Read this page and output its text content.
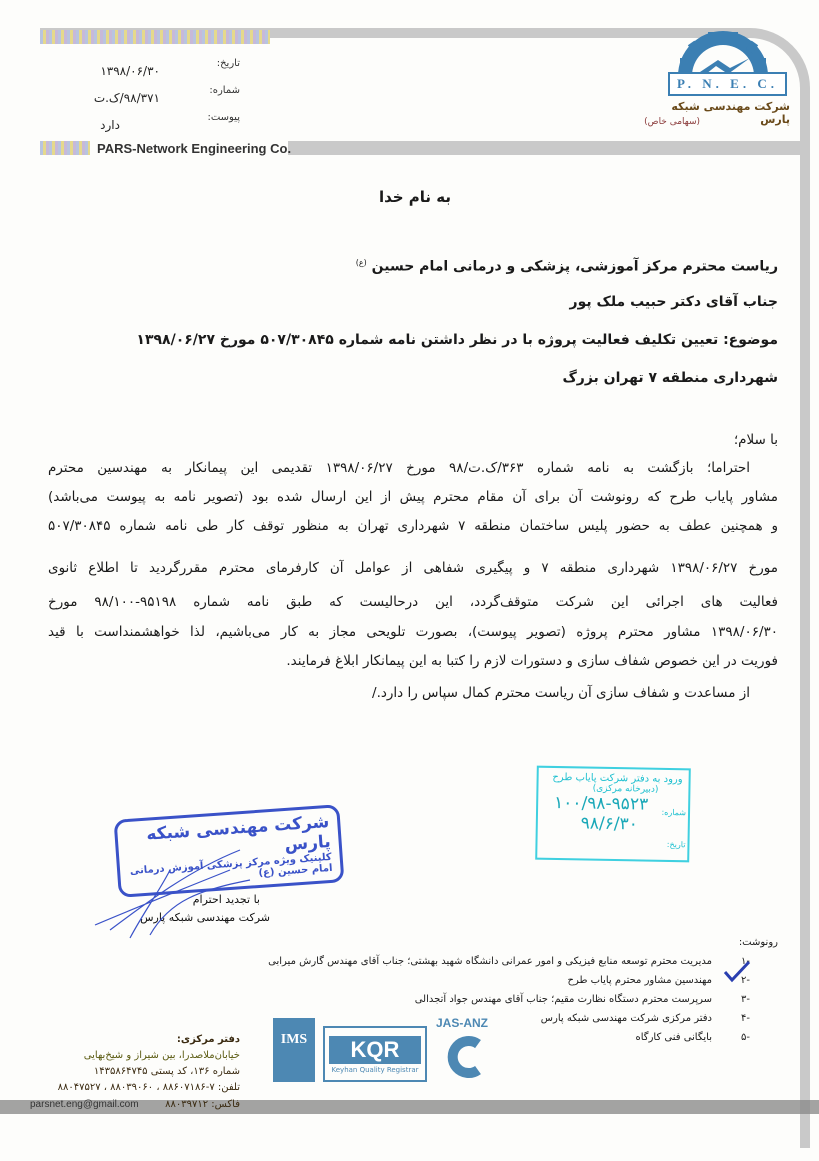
تاریخ:
۱۳۹۸/۰۶/۳۰
شماره:
۹۸/۳۷۱/ک.ت
پیوست:
دارد
PARS-Network Engineering Co.
P. N. E. C.
شرکت مهندسی شبکه پارس
(سهامی خاص)
به نام خدا
ریاست محترم مرکز آموزشی، پزشکی و درمانی امام حسین $^{(ع)}$
جناب آقای دکتر حبیب ملک پور
موضوع: تعیین تکلیف فعالیت پروژه با در نظر داشتن نامه شماره ۵۰۷/۳۰۸۴۵ مورخ ۱۳۹۸/۰۶/۲۷
شهرداری منطقه ۷ تهران بزرگ
با سلام؛
احتراما؛ بازگشت به نامه شماره ۳۶۳/ک.ت/۹۸ مورخ ۱۳۹۸/۰۶/۲۷ تقدیمی این پیمانکار به مهندسین محترم
مشاور پایاب طرح که رونوشت آن برای آن مقام محترم پیش از این ارسال شده بود (تصویر نامه به پیوست می‌باشد)
و همچنین عطف به حضور پلیس ساختمان منطقه ۷ شهرداری تهران به منظور توقف کار طی نامه شماره ۵۰۷/۳۰۸۴۵
مورخ ۱۳۹۸/۰۶/۲۷ شهرداری منطقه ۷ و پیگیری شفاهی از عوامل آن کارفرمای محترم مقررگردید تا اطلاع ثانوی
فعالیت های اجرائی این شرکت متوقف‌گردد، این درحالیست که طبق نامه شماره ۹۵۱۹۸-۹۸/۱۰۰ مورخ
۱۳۹۸/۰۶/۳۰ مشاور محترم پروژه (تصویر پیوست)، بصورت تلویحی مجاز به کار می‌باشیم، لذا خواهشمنداست با قید
فوریت در این خصوص شفاف سازی و دستورات لازم را کتبا به این پیمانکار ابلاغ فرمایند.
از مساعدت و شفاف سازی آن ریاست محترم کمال سپاس را دارد./
ورود به دفتر شرکت پایاب طرح
(دبیرخانه مرکزی)
۱۰۰/۹۸-۹۵۲۳
۹۸/۶/۳۰
شماره:
تاریخ:
شرکت مهندسی شبکه پارس
کلینیک ویژه مرکز پزشکی آموزش درمانی امام حسین (ع)
با تجدید احترام
شرکت مهندسی شبکه پارس
رونوشت:
-۱
مدیریت محترم توسعه منابع فیزیکی و امور عمرانی دانشگاه شهید بهشتی؛ جناب آقای مهندس گارش میرابی
-۲
مهندسین مشاور محترم پایاب طرح
-۳
سرپرست محترم دستگاه نظارت مقیم؛ جناب آقای مهندس جواد آتجدالی
-۴
دفتر مرکزی شرکت مهندسی شبکه پارس
-۵
بایگانی فنی کارگاه
IMS	KQR
Keyhan Quality Registrar
JAS-ANZ
دفتر مرکزی:
خیابان‌ملاصدرا، بین شیراز و شیخ‌بهایی
شماره ۱۳۶، کد پستی ۱۴۳۵۸۶۴۷۴۵
تلفن: ۷-۸۸۶۰۷۱۸۶ ، ۸۸۰۳۹۰۶۰ ، ۸۸۰۴۷۵۲۷
فاکس: ۸۸۰۳۹۷۱۲
parsnet.eng@gmail.com
